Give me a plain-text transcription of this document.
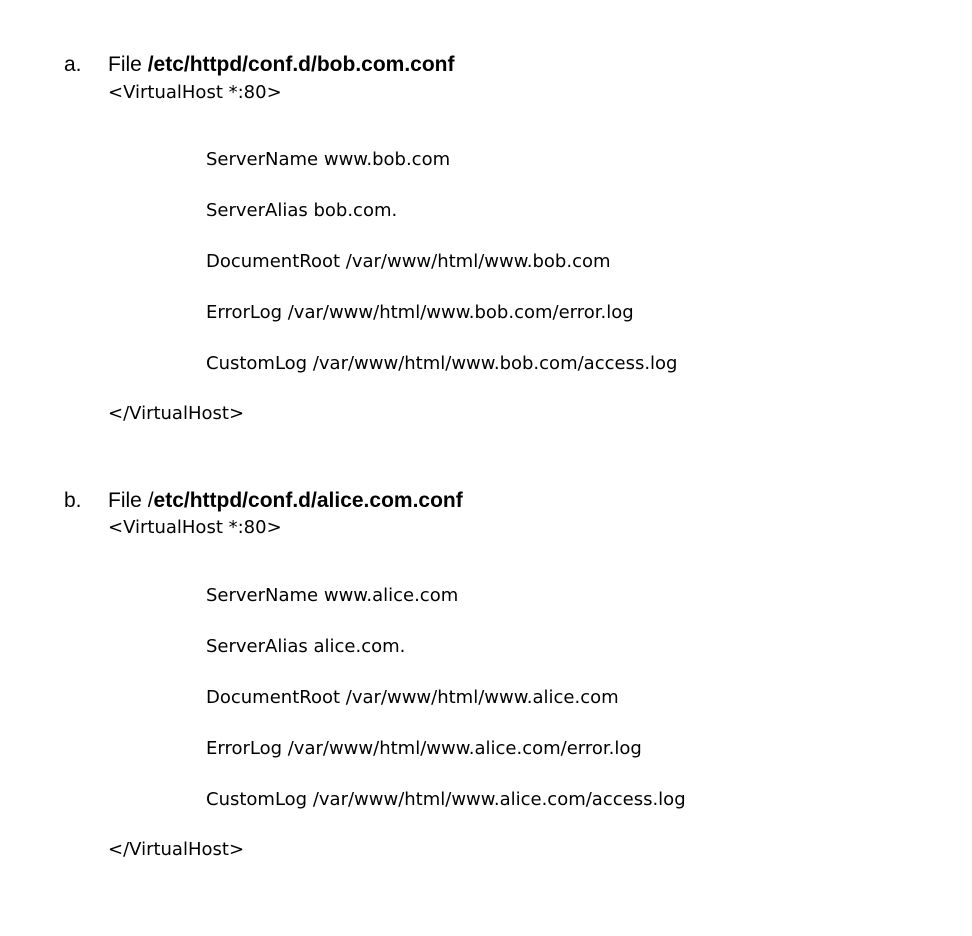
a. File /etc/httpd/conf.d/bob.com.conf
<VirtualHost *:80>
ServerName www.bob.com
ServerAlias bob.com.
DocumentRoot /var/www/html/www.bob.com
ErrorLog /var/www/html/www.bob.com/error.log
CustomLog /var/www/html/www.bob.com/access.log
</VirtualHost>
b. File /etc/httpd/conf.d/alice.com.conf
<VirtualHost *:80>
ServerName www.alice.com
ServerAlias alice.com.
DocumentRoot /var/www/html/www.alice.com
ErrorLog /var/www/html/www.alice.com/error.log
CustomLog /var/www/html/www.alice.com/access.log
</VirtualHost>
